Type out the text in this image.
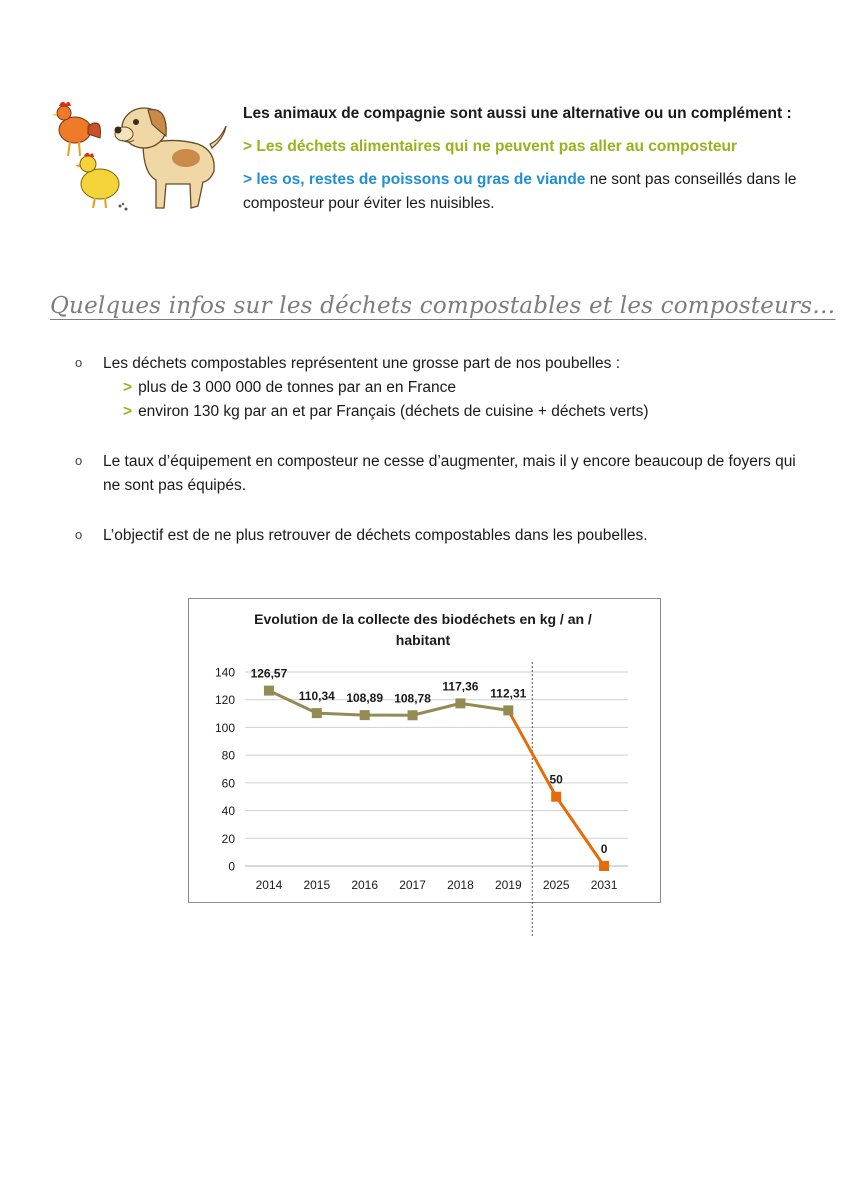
Les animaux de compagnie sont aussi une alternative ou un complément :

> Les déchets alimentaires qui ne peuvent pas aller au composteur

> les os, restes de poissons ou gras de viande ne sont pas conseillés dans le composteur pour éviter les nuisibles.

Quelques infos sur les déchets compostables et les composteurs…
o Les déchets compostables représentent une grosse part de nos poubelles :
> plus de 3 000 000 de tonnes par an en France
> environ 130 kg par an et par Français (déchets de cuisine + déchets verts)
o Le taux d’équipement en composteur ne cesse d’augmenter, mais il y encore beaucoup de foyers qui ne sont pas équipés.
o L’objectif est de ne plus retrouver de déchets compostables dans les poubelles.
Evolution de la collecte des biodéchets en kg / an /
habitant
0
20
40
60
80
100
120
140
2014 2015 2016 2017 2018 2019 2025 2031
126,57
110,34 108,89 108,78
117,36 112,31
50
0
